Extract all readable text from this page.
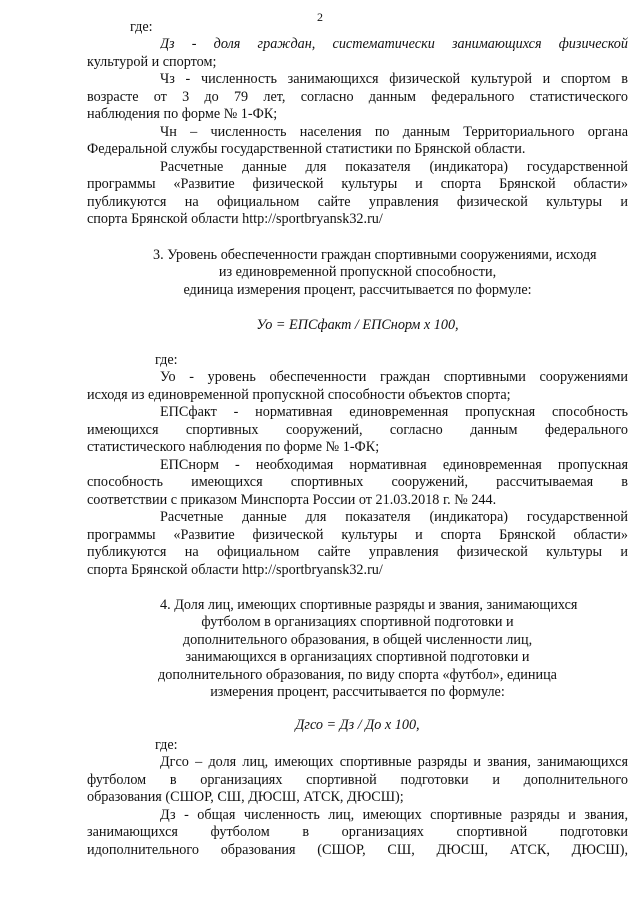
2
где:
Дз - доля граждан, систематически занимающихся физической
культурой и спортом;
Чз - численность занимающихся физической культурой и спортом в
возрасте от 3 до 79 лет, согласно данным федерального статистического
наблюдения по форме № 1-ФК;
Чн – численность населения по данным Территориального органа
Федеральной службы государственной статистики по Брянской области.
Расчетные данные для показателя (индикатора) государственной
программы «Развитие физической культуры и спорта Брянской области»
публикуются на официальном сайте управления физической культуры и
спорта Брянской области http://sportbryansk32.ru/
3. Уровень обеспеченности граждан спортивными сооружениями, исходя
из единовременной пропускной способности,
единица измерения процент, рассчитывается по формуле:
Уо = ЕПСфакт / ЕПСнорм х 100,
где:
Уо - уровень обеспеченности граждан спортивными сооружениями
исходя из единовременной пропускной способности объектов спорта;
ЕПСфакт - нормативная единовременная пропускная способность
имеющихся спортивных сооружений, согласно данным федерального
статистического наблюдения по форме № 1-ФК;
ЕПСнорм - необходимая нормативная единовременная пропускная
способность имеющихся спортивных сооружений, рассчитываемая в
соответствии с приказом Минспорта России от 21.03.2018 г. № 244.
Расчетные данные для показателя (индикатора) государственной
программы «Развитие физической культуры и спорта Брянской области»
публикуются на официальном сайте управления физической культуры и
спорта Брянской области http://sportbryansk32.ru/
4. Доля лиц, имеющих спортивные разряды и звания, занимающихся
футболом в организациях спортивной подготовки и
дополнительного образования, в общей численности лиц,
занимающихся в организациях спортивной подготовки и
дополнительного образования, по виду спорта «футбол», единица
измерения процент, рассчитывается по формуле:
Дгсо = Дз / До х 100,
где:
Дгсо – доля лиц, имеющих спортивные разряды и звания, занимающихся
футболом в организациях спортивной подготовки и дополнительного
образования (СШОР, СШ, ДЮСШ, АТСК, ДЮСШ);
Дз - общая численность лиц, имеющих спортивные разряды и звания,
занимающихся футболом в организациях спортивной подготовки
идополнительного образования (СШОР, СШ, ДЮСШ, АТСК, ДЮСШ),
